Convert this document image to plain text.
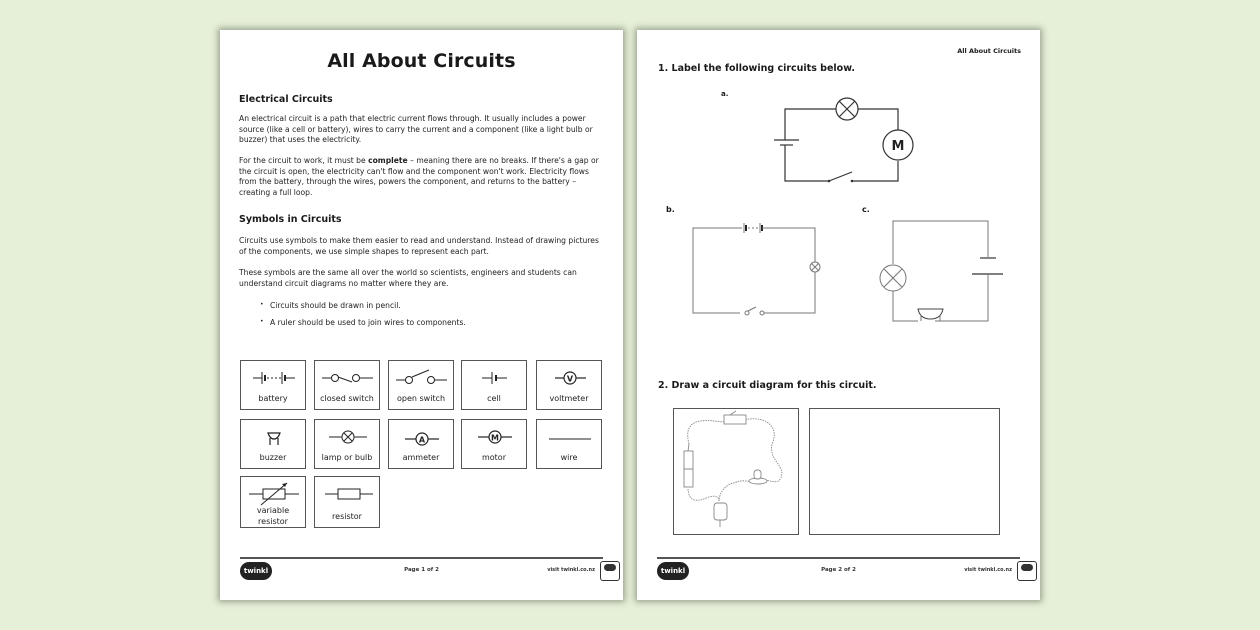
All About Circuits
Electrical Circuits
An electrical circuit is a path that electric current flows through. It usually includes a power source (like a cell or battery), wires to carry the current and a component (like a light bulb or buzzer) that uses the electricity.
For the circuit to work, it must be complete – meaning there are no breaks. If there's a gap or the circuit is open, the electricity can't flow and the component won't work. Electricity flows from the battery, through the wires, powers the component, and returns to the battery – creating a full loop.
Symbols in Circuits
Circuits use symbols to make them easier to read and understand. Instead of drawing pictures of the components, we use simple shapes to represent each part.
These symbols are the same all over the world so scientists, engineers and students can understand circuit diagrams no matter where they are.
• Circuits should be drawn in pencil.
• A ruler should be used to join wires to components.
battery	closed switch	open switch	cell
V
voltmeter
buzzer	lamp or bulb
A
ammeter
M
motor	wire
variable resistor
resistor
twinkl	Page 1 of 2	visit twinkl.co.nz
All About Circuits
1. Label the following circuits below.
a.
M
b.	c.
2. Draw a circuit diagram for this circuit.
twinkl	Page 2 of 2	visit twinkl.co.nz
